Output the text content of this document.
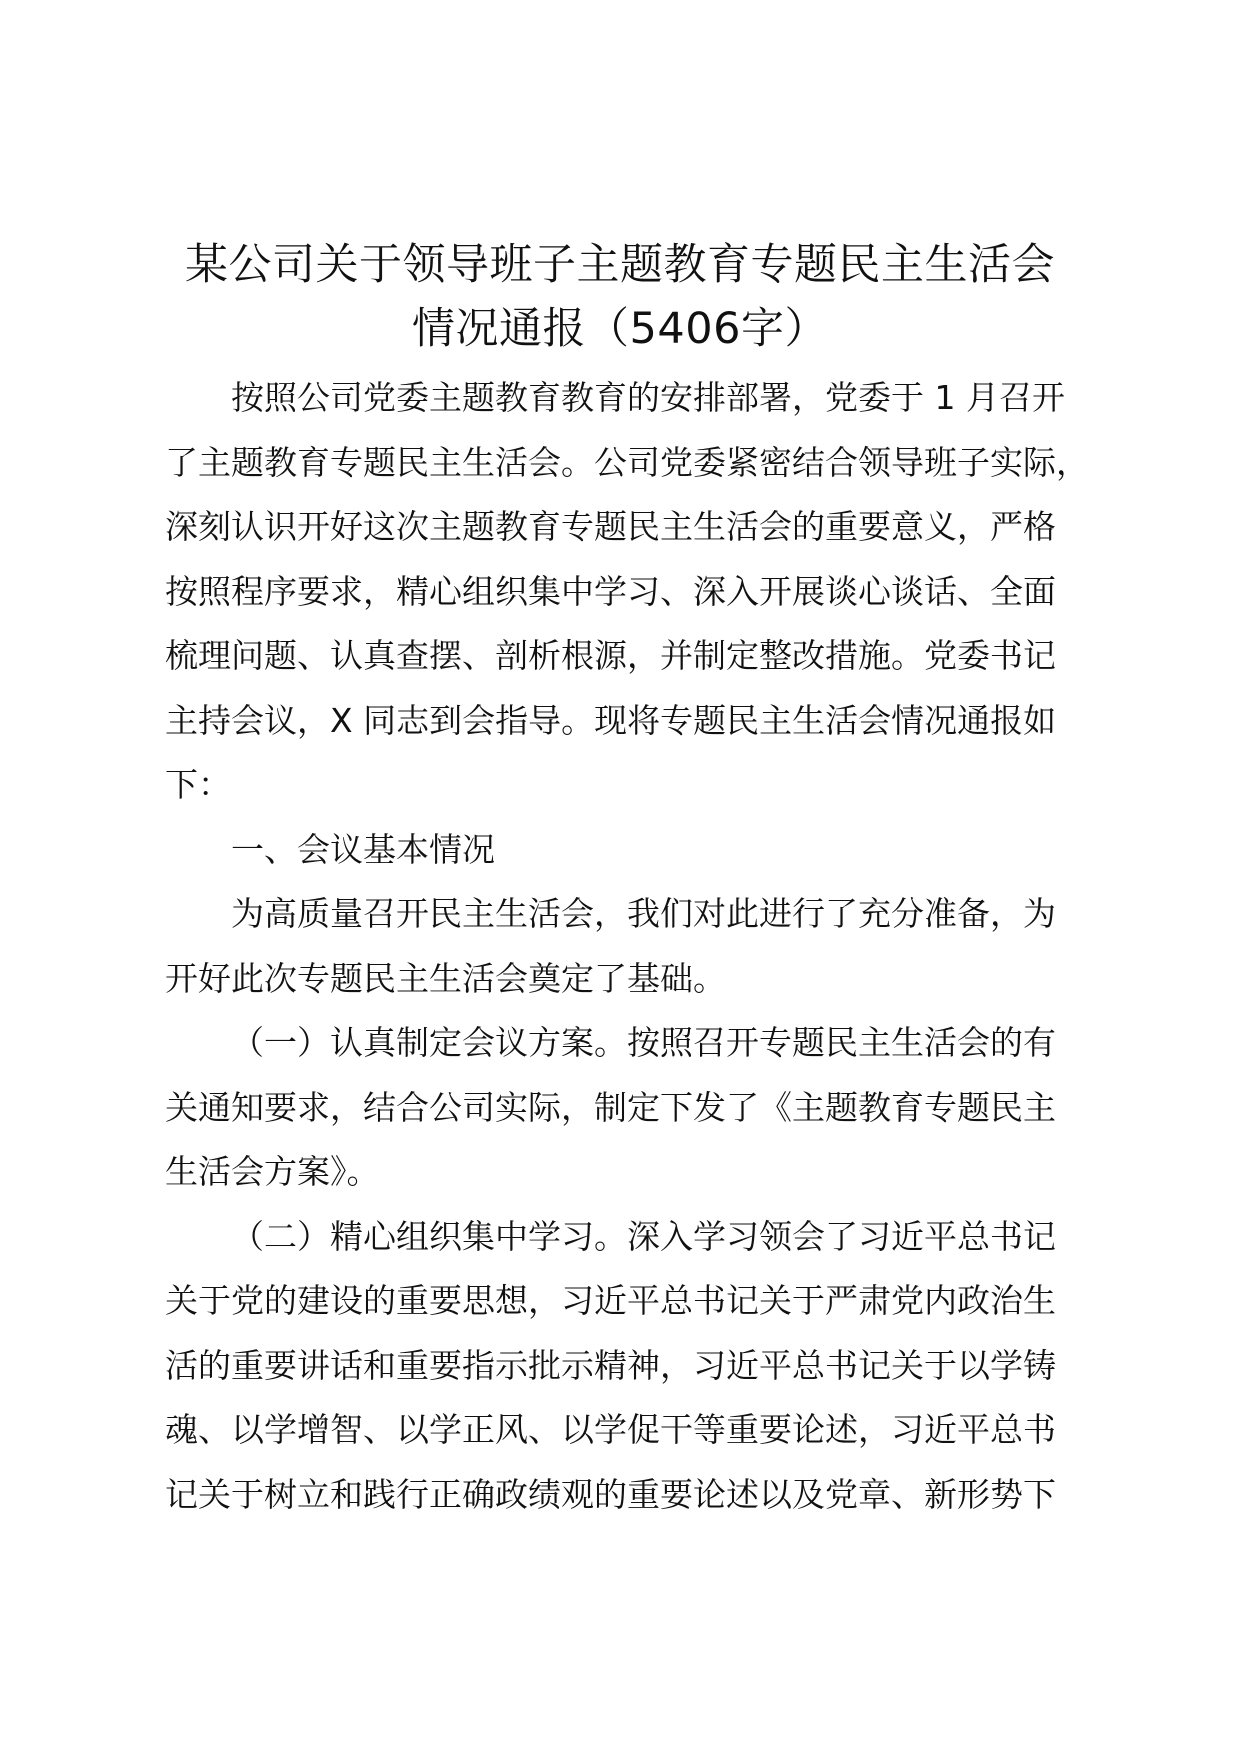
某公司关于领导班子主题教育专题民主生活会
情况通报（5406字）
按照公司党委主题教育教育的安排部署，党委于 1 月召开
了主题教育专题民主生活会。公司党委紧密结合领导班子实际，
深刻认识开好这次主题教育专题民主生活会的重要意义，严格
按照程序要求，精心组织集中学习、深入开展谈心谈话、全面
梳理问题、认真查摆、剖析根源，并制定整改措施。党委书记
主持会议，X 同志到会指导。现将专题民主生活会情况通报如
下：
一、会议基本情况
为高质量召开民主生活会，我们对此进行了充分准备，为
开好此次专题民主生活会奠定了基础。
（一）认真制定会议方案。按照召开专题民主生活会的有
关通知要求，结合公司实际，制定下发了《主题教育专题民主
生活会方案》。
（二）精心组织集中学习。深入学习领会了习近平总书记
关于党的建设的重要思想，习近平总书记关于严肃党内政治生
活的重要讲话和重要指示批示精神，习近平总书记关于以学铸
魂、以学增智、以学正风、以学促干等重要论述，习近平总书
记关于树立和践行正确政绩观的重要论述以及党章、新形势下
